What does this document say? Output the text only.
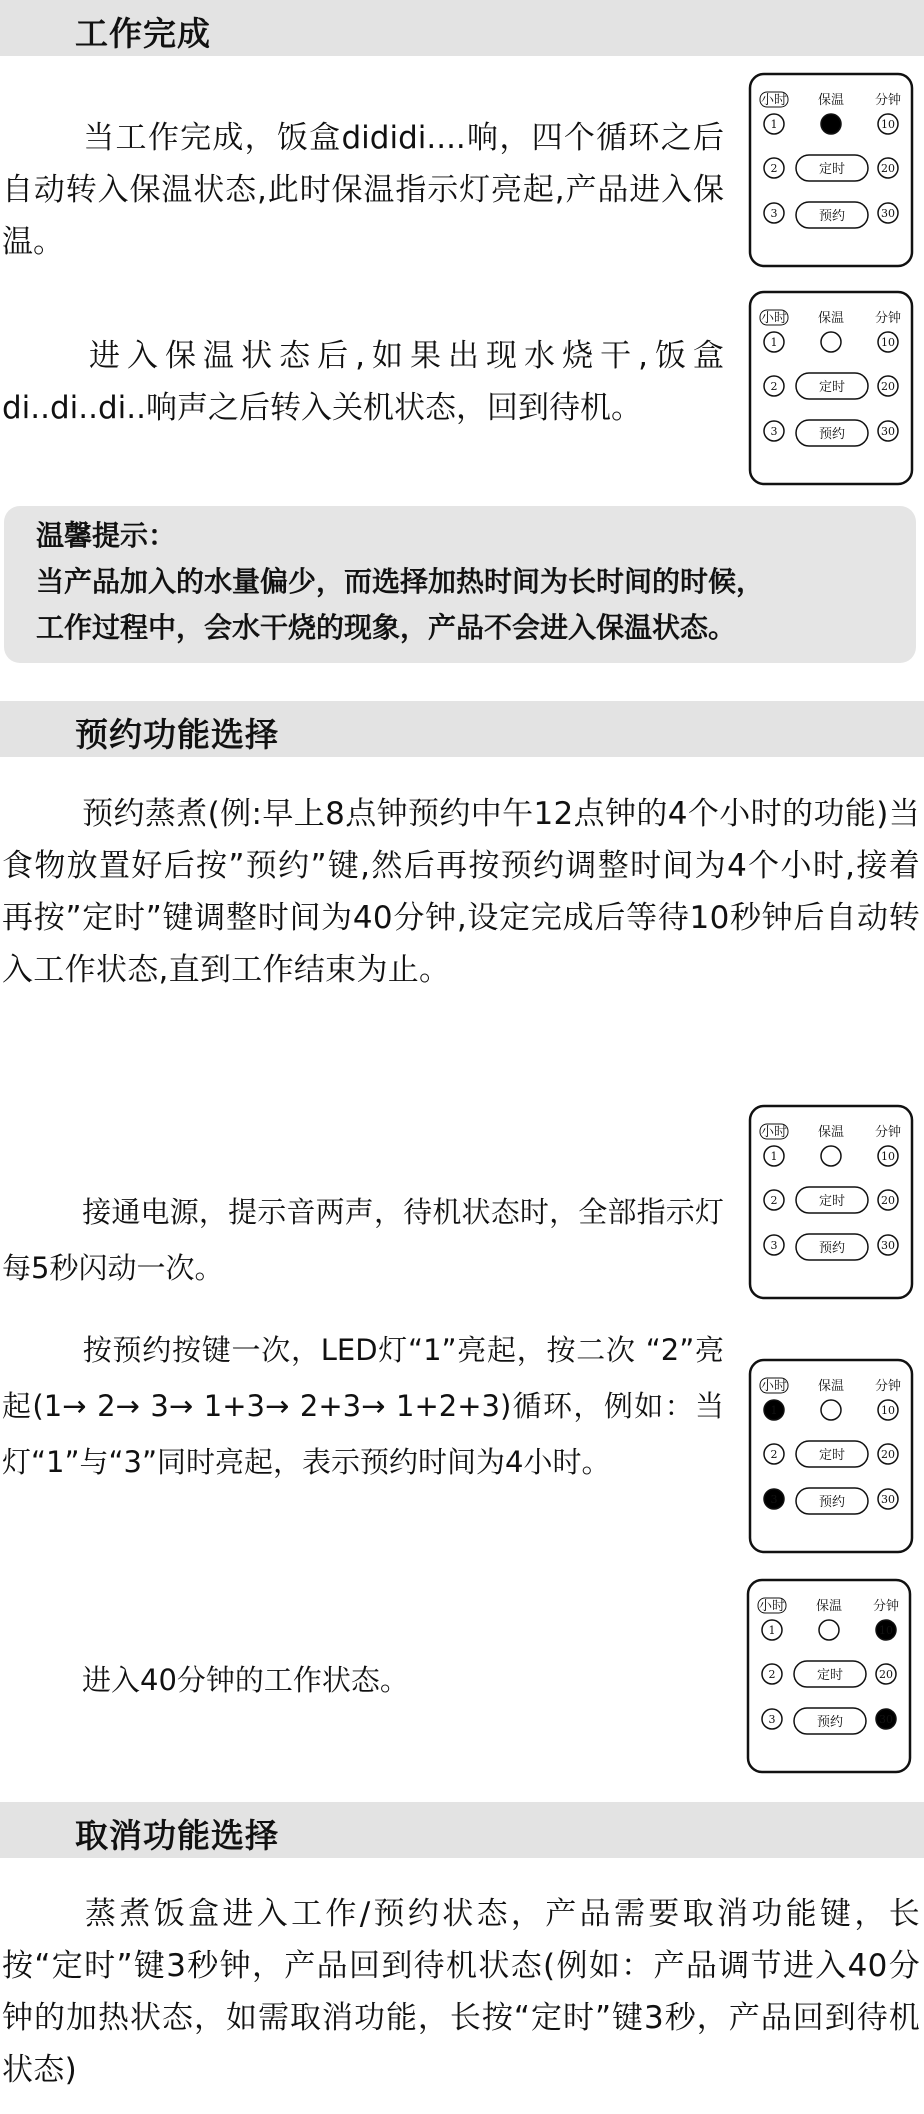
工作完成
当工作完成，饭盒dididi....响，四个循环之后自动转入保温状态,此时保温指示灯亮起,产品进入保温。
进入保温状态后,如果出现水烧干,饭盒di..di..di..响声之后转入关机状态，回到待机。
温馨提示：
当产品加入的水量偏少，而选择加热时间为长时间的时候，
工作过程中，会水干烧的现象，产品不会进入保温状态。
预约功能选择
预约蒸煮(例:早上8点钟预约中午12点钟的4个小时的功能)当食物放置好后按”预约”键,然后再按预约调整时间为4个小时,接着再按”定时”键调整时间为40分钟,设定完成后等待10秒钟后自动转入工作状态,直到工作结束为止。
接通电源，提示音两声，待机状态时，全部指示灯每5秒闪动一次。
按预约按键一次，LED灯“1”亮起，按二次 “2”亮起(1→ 2→ 3→ 1+3→ 2+3→ 1+2+3)循环，例如：当灯“1”与“3”同时亮起，表示预约时间为4小时。
进入40分钟的工作状态。
取消功能选择
蒸煮饭盒进入工作/预约状态，产品需要取消功能键，长按“定时”键3秒钟，产品回到待机状态(例如：产品调节进入40分钟的加热状态，如需取消功能，长按“定时”键3秒，产品回到待机状态)
小时 保温 分钟
1	10
2	定时	20
3	预约	30
小时 保温 分钟
1	10
2	定时	20
3	预约	30
小时 保温 分钟
1	10
2	定时	20
3	预约	30
小时 保温 分钟
1	10
2	定时	20
3	预约	30
小时 保温 分钟
1	10
2	定时	20
3	预约	30
